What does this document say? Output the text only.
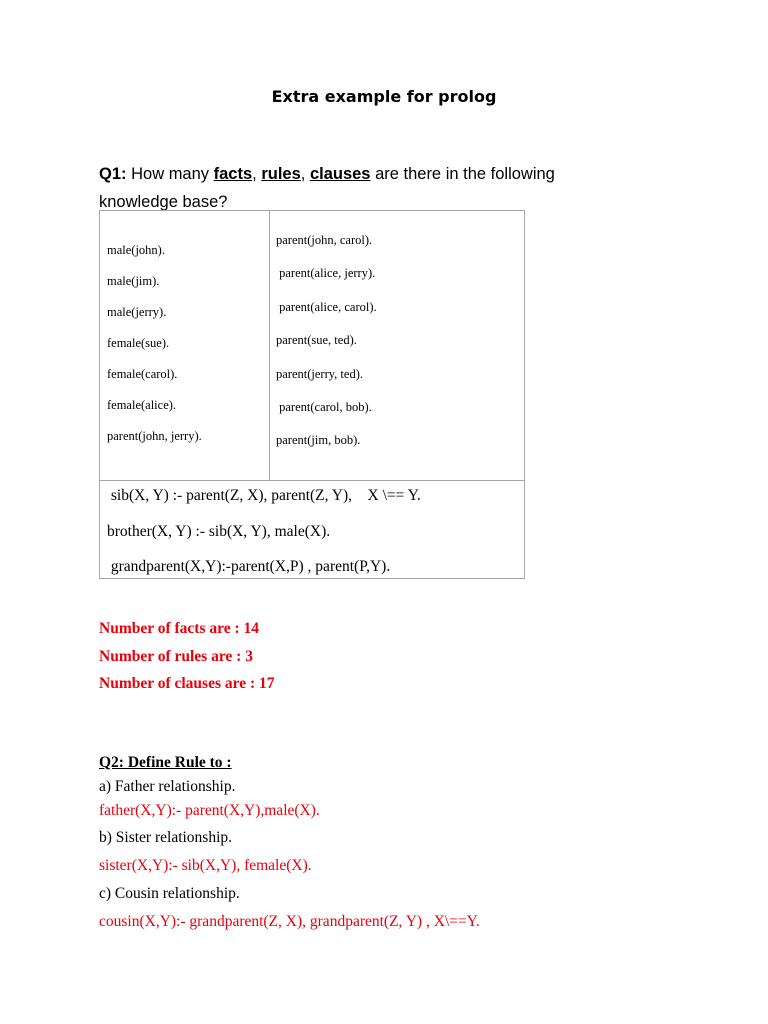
Extra example for prolog
Q1: How many facts, rules, clauses are there in the following knowledge base?
male(john).
male(jim).
male(jerry).
female(sue).
female(carol).
female(alice).
parent(john, jerry).
parent(john, carol).
parent(alice, jerry).
parent(alice, carol).
parent(sue, ted).
parent(jerry, ted).
parent(carol, bob).
parent(jim, bob).
sib(X, Y) :- parent(Z, X), parent(Z, Y),    X \== Y.
brother(X, Y) :- sib(X, Y), male(X).
grandparent(X,Y):-parent(X,P) , parent(P,Y).
Number of facts are : 14
Number of rules are : 3
Number of clauses are : 17
Q2: Define Rule to :
a) Father relationship.
father(X,Y):- parent(X,Y),male(X).
b) Sister relationship.
sister(X,Y):- sib(X,Y), female(X).
c) Cousin relationship.
cousin(X,Y):- grandparent(Z, X), grandparent(Z, Y) , X\==Y.
